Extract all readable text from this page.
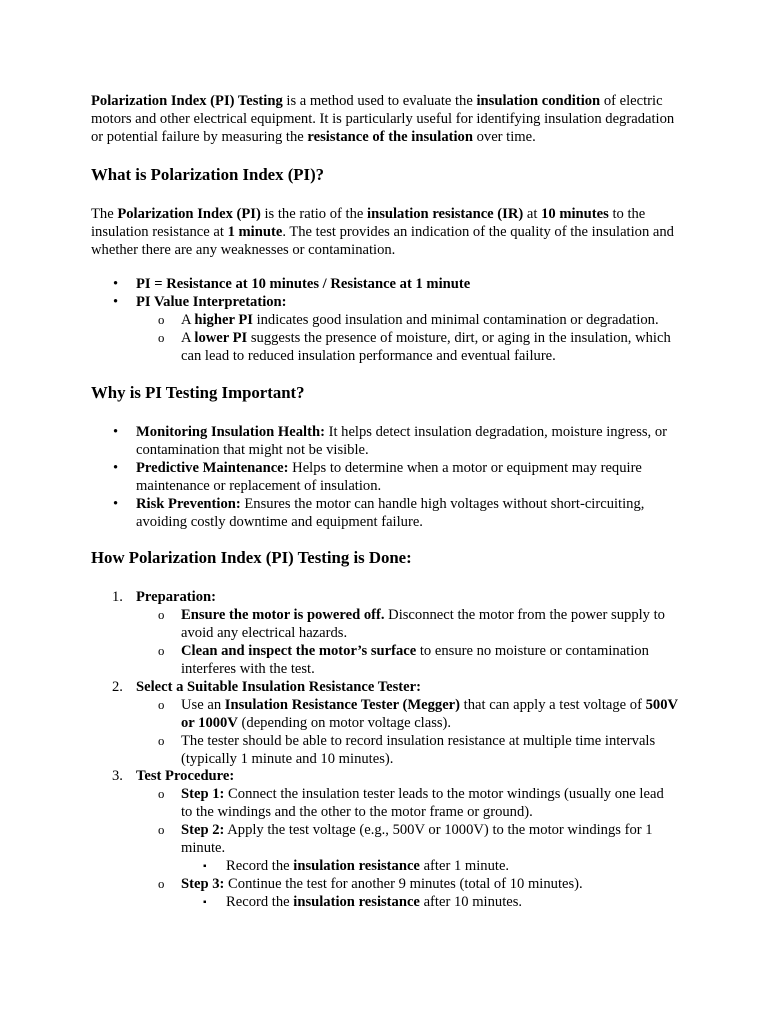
Polarization Index (PI) Testing is a method used to evaluate the insulation condition of electric motors and other electrical equipment. It is particularly useful for identifying insulation degradation or potential failure by measuring the resistance of the insulation over time.

What is Polarization Index (PI)?

The Polarization Index (PI) is the ratio of the insulation resistance (IR) at 10 minutes to the insulation resistance at 1 minute. The test provides an indication of the quality of the insulation and whether there are any weaknesses or contamination.

• PI = Resistance at 10 minutes / Resistance at 1 minute
• PI Value Interpretation:
o A higher PI indicates good insulation and minimal contamination or degradation.
o A lower PI suggests the presence of moisture, dirt, or aging in the insulation, which can lead to reduced insulation performance and eventual failure.
Why is PI Testing Important?
• Monitoring Insulation Health: It helps detect insulation degradation, moisture ingress, or contamination that might not be visible.
• Predictive Maintenance: Helps to determine when a motor or equipment may require maintenance or replacement of insulation.
• Risk Prevention: Ensures the motor can handle high voltages without short-circuiting, avoiding costly downtime and equipment failure.
How Polarization Index (PI) Testing is Done:
1. Preparation:
o Ensure the motor is powered off. Disconnect the motor from the power supply to avoid any electrical hazards.
o Clean and inspect the motor’s surface to ensure no moisture or contamination interferes with the test.
2. Select a Suitable Insulation Resistance Tester:
o Use an Insulation Resistance Tester (Megger) that can apply a test voltage of 500V or 1000V (depending on motor voltage class).
o The tester should be able to record insulation resistance at multiple time intervals (typically 1 minute and 10 minutes).
3. Test Procedure:
o Step 1: Connect the insulation tester leads to the motor windings (usually one lead to the windings and the other to the motor frame or ground).
o Step 2: Apply the test voltage (e.g., 500V or 1000V) to the motor windings for 1 minute.
▪ Record the insulation resistance after 1 minute.
o Step 3: Continue the test for another 9 minutes (total of 10 minutes).
▪ Record the insulation resistance after 10 minutes.
